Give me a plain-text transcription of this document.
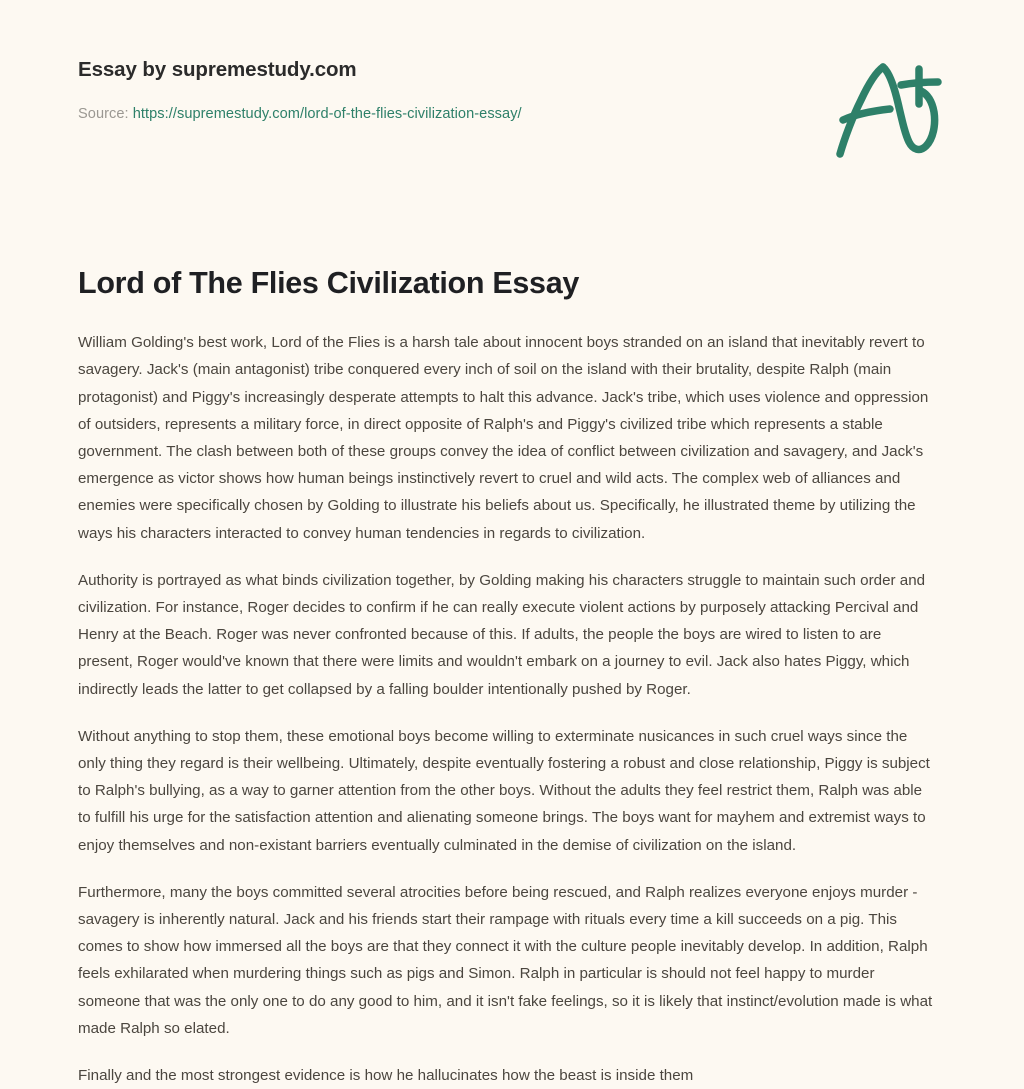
Essay by supremestudy.com
Source: https://supremestudy.com/lord-of-the-flies-civilization-essay/
Lord of The Flies Civilization Essay

William Golding's best work, Lord of the Flies is a harsh tale about innocent boys stranded on an island that inevitably revert to savagery. Jack's (main antagonist) tribe conquered every inch of soil on the island with their brutality, despite Ralph (main protagonist) and Piggy's increasingly desperate attempts to halt this advance. Jack's tribe, which uses violence and oppression of outsiders, represents a military force, in direct opposite of Ralph's and Piggy's civilized tribe which represents a stable government. The clash between both of these groups convey the idea of conflict between civilization and savagery, and Jack's emergence as victor shows how human beings instinctively revert to cruel and wild acts. The complex web of alliances and enemies were specifically chosen by Golding to illustrate his beliefs about us. Specifically, he illustrated theme by utilizing the ways his characters interacted to convey human tendencies in regards to civilization.

Authority is portrayed as what binds civilization together, by Golding making his characters struggle to maintain such order and civilization. For instance, Roger decides to confirm if he can really execute violent actions by purposely attacking Percival and Henry at the Beach. Roger was never confronted because of this. If adults, the people the boys are wired to listen to are present, Roger would've known that there were limits and wouldn't embark on a journey to evil. Jack also hates Piggy, which indirectly leads the latter to get collapsed by a falling boulder intentionally pushed by Roger.

Without anything to stop them, these emotional boys become willing to exterminate nusicances in such cruel ways since the only thing they regard is their wellbeing. Ultimately, despite eventually fostering a robust and close relationship, Piggy is subject to Ralph's bullying, as a way to garner attention from the other boys. Without the adults they feel restrict them, Ralph was able to fulfill his urge for the satisfaction attention and alienating someone brings. The boys want for mayhem and extremist ways to enjoy themselves and non-existant barriers eventually culminated in the demise of civilization on the island.

Furthermore, many the boys committed several atrocities before being rescued, and Ralph realizes everyone enjoys murder - savagery is inherently natural. Jack and his friends start their rampage with rituals every time a kill succeeds on a pig. This comes to show how immersed all the boys are that they connect it with the culture people inevitably develop. In addition, Ralph feels exhilarated when murdering things such as pigs and Simon. Ralph in particular is should not feel happy to murder someone that was the only one to do any good to him, and it isn't fake feelings, so it is likely that instinct/evolution made is what made Ralph so elated.

Finally and the most strongest evidence is how he hallucinates how the beast is inside them
